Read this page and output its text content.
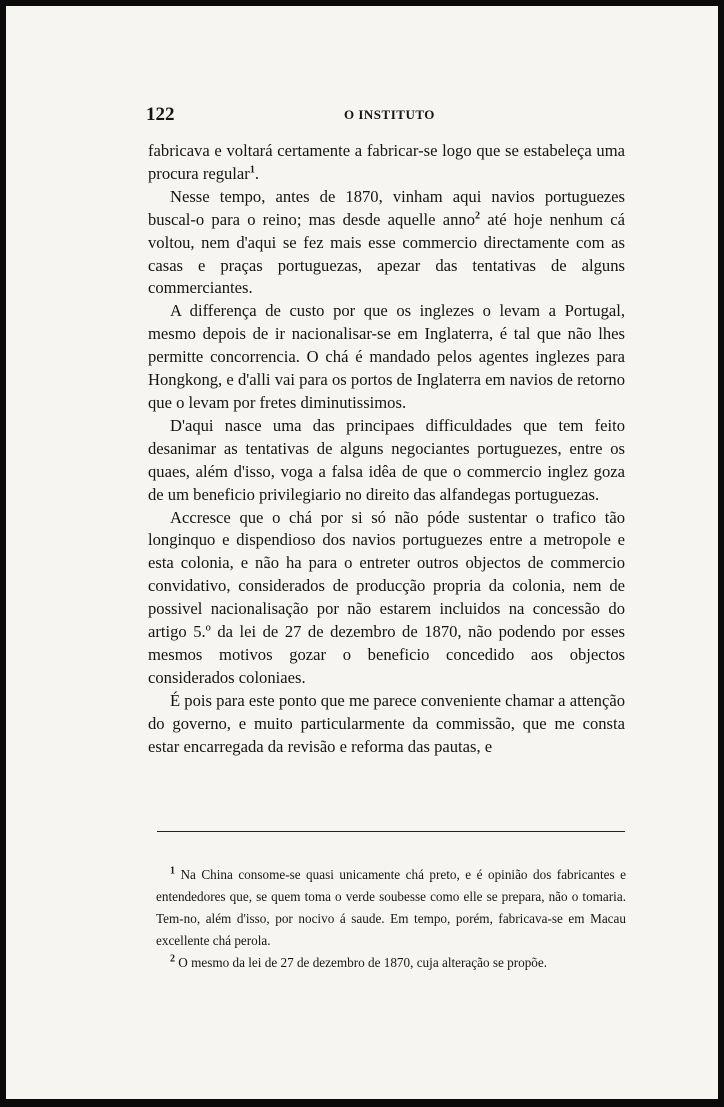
122	O INSTITUTO

fabricava e voltará certamente a fabricar-se logo que se estabeleça uma procura regular$^1$.

Nesse tempo, antes de 1870, vinham aqui navios portuguezes buscal-o para o reino; mas desde aquelle anno$^2$ até hoje nenhum cá voltou, nem d'aqui se fez mais esse commercio directamente com as casas e praças portuguezas, apezar das tentativas de alguns commerciantes.

A differença de custo por que os inglezes o levam a Portugal, mesmo depois de ir nacionalisar-se em Inglaterra, é tal que não lhes permitte concorrencia. O chá é mandado pelos agentes inglezes para Hongkong, e d'alli vai para os portos de Inglaterra em navios de retorno que o levam por fretes diminutissimos.

D'aqui nasce uma das principaes difficuldades que tem feito desanimar as tentativas de alguns negociantes portuguezes, entre os quaes, além d'isso, voga a falsa idêa de que o commercio inglez goza de um beneficio privilegiario no direito das alfandegas portuguezas.

Accresce que o chá por si só não póde sustentar o trafico tão longinquo e dispendioso dos navios portuguezes entre a metropole e esta colonia, e não ha para o entreter outros objectos de commercio convidativo, considerados de producção propria da colonia, nem de possivel nacionalisação por não estarem incluidos na concessão do artigo 5.º da lei de 27 de dezembro de 1870, não podendo por esses mesmos motivos gozar o beneficio concedido aos objectos considerados coloniaes.

É pois para este ponto que me parece conveniente chamar a attenção do governo, e muito particularmente da commissão, que me consta estar encarregada da revisão e reforma das pautas, e

$^1$ Na China consome-se quasi unicamente chá preto, e é opinião dos fabricantes e entendedores que, se quem toma o verde soubesse como elle se prepara, não o tomaria. Tem-no, além d'isso, por nocivo á saude. Em tempo, porém, fabricava-se em Macau excellente chá perola.

$^2$ O mesmo da lei de 27 de dezembro de 1870, cuja alteração se propõe.
